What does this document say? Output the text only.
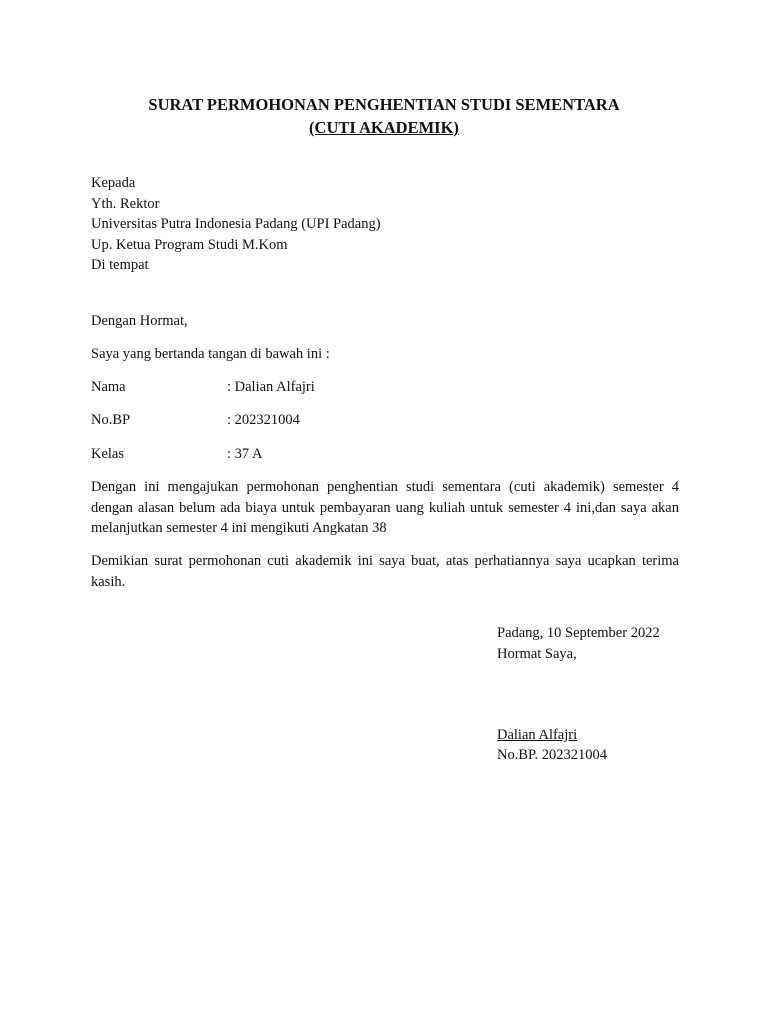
SURAT PERMOHONAN PENGHENTIAN STUDI SEMENTARA
(CUTI AKADEMIK)
Kepada
Yth. Rektor
Universitas Putra Indonesia Padang (UPI Padang)
Up. Ketua Program Studi M.Kom
Di tempat
Dengan Hormat,
Saya yang bertanda tangan di bawah ini :
Nama	: Dalian Alfajri
No.BP	: 202321004
Kelas	: 37 A
Dengan ini mengajukan permohonan penghentian studi sementara (cuti akademik) semester 4 dengan alasan belum ada biaya untuk pembayaran uang kuliah untuk semester 4 ini,dan saya akan melanjutkan semester 4 ini mengikuti Angkatan 38
Demikian surat permohonan cuti akademik ini saya buat, atas perhatiannya saya ucapkan terima kasih.
Padang, 10 September 2022
Hormat Saya,
Dalian Alfajri
No.BP. 202321004
